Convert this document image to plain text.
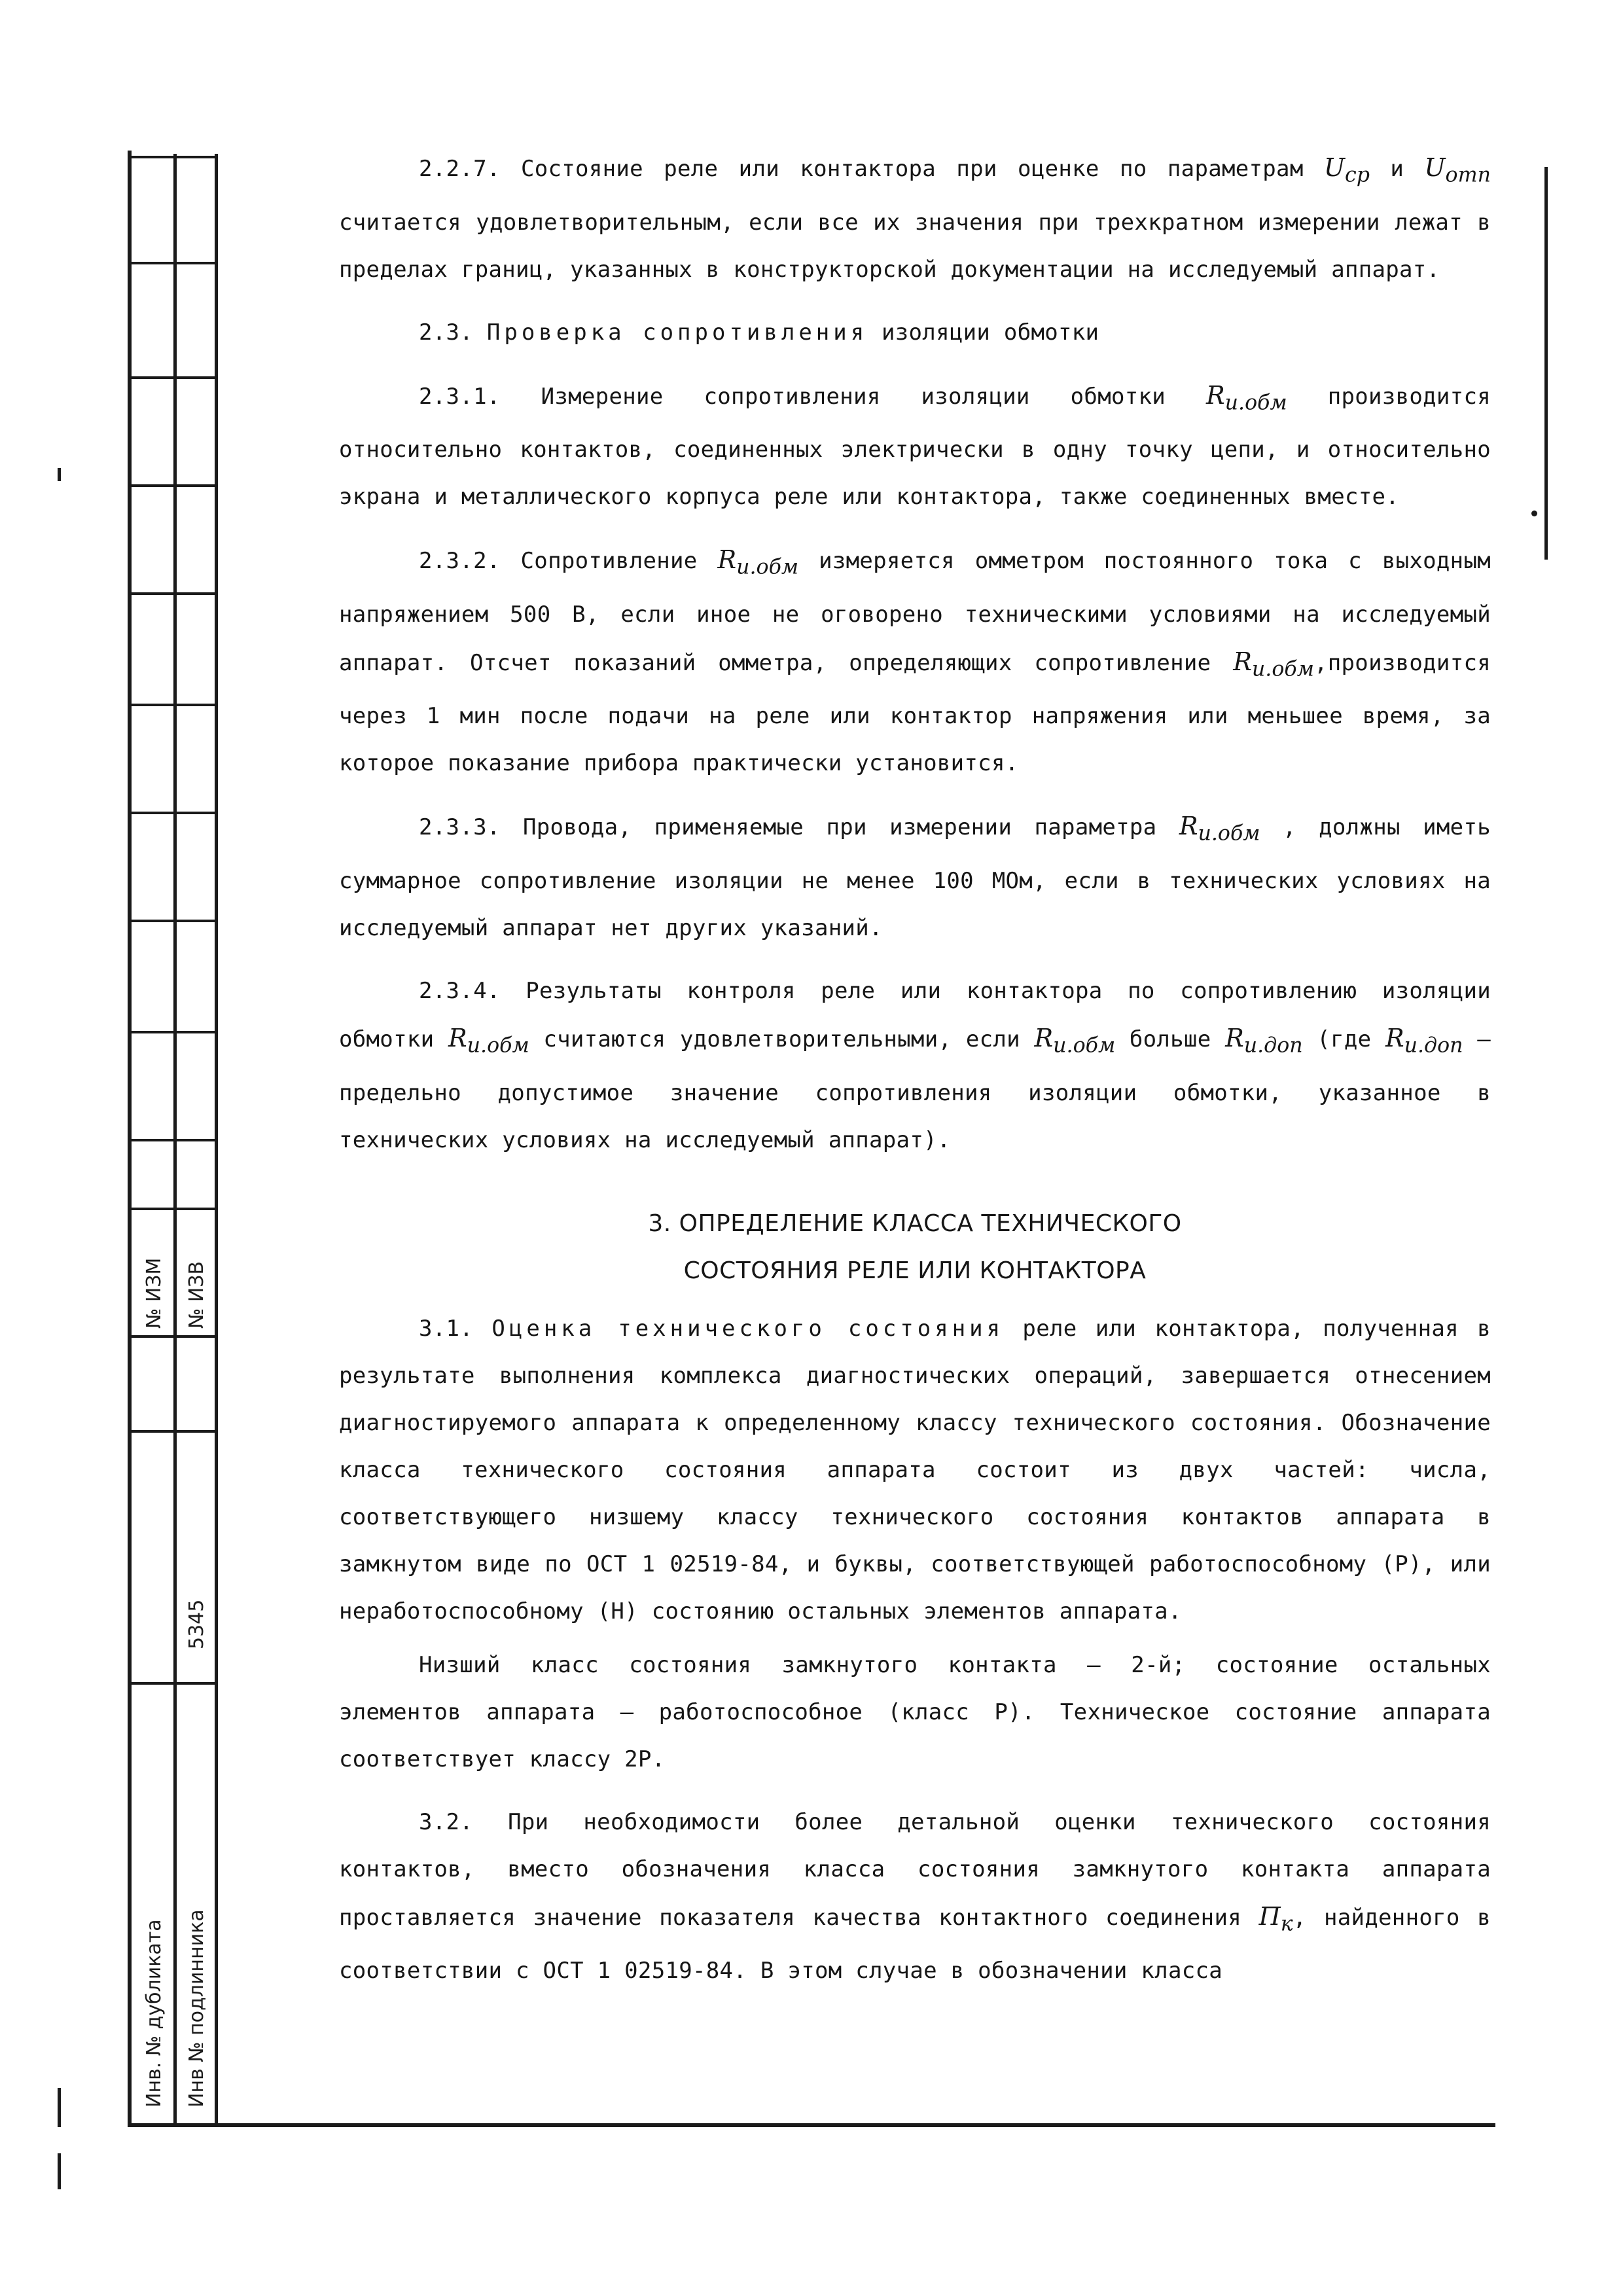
№ ИЗМ № ИЗВ
5345
Инв. № дубликата Инв № подлинника

2.2.7. Состояние реле или контактора при оценке по параметрам $U_{ср}$ и $U_{отп}$ считается удовлетворительным, если все их значения при трехкратном измерении лежат в пределах границ, указанных в конструкторской документации на исследуемый аппарат.

2.3. Проверка сопротивления изоляции обмотки

2.3.1. Измерение сопротивления изоляции обмотки $R_{и.обм}$ производится относительно контактов, соединенных электрически в одну точку цепи, и относительно экрана и металлического корпуса реле или контактора, также соединенных вместе.

2.3.2. Сопротивление $R_{и.обм}$ измеряется омметром постоянного тока с выходным напряжением 500 В, если иное не оговорено техническими условиями на исследуемый аппарат. Отсчет показаний омметра, определяющих сопротивление $R_{и.обм},производится$ через 1 мин после подачи на реле или контактор напряжения или меньшее время, за которое показание прибора практически установится.

2.3.3. Провода, применяемые при измерении параметра $R_{и.обм}$ , должны иметь суммарное сопротивление изоляции не менее 100 МОм, если в технических условиях на исследуемый аппарат нет других указаний.

2.3.4. Результаты контроля реле или контактора по сопротивлению изоляции обмотки $R_{и.обм}$ считаются удовлетворительными, если $R_{и.обм}$ больше $R_{и.доп}$ (где $R_{и.доп}$ – предельно допустимое значение сопротивления изоляции обмотки, указанное в технических условиях на исследуемый аппарат).

3. ОПРЕДЕЛЕНИЕ КЛАССА ТЕХНИЧЕСКОГО
СОСТОЯНИЯ РЕЛЕ ИЛИ КОНТАКТОРА

3.1. Оценка технического состояния реле или контактора, полученная в результате выполнения комплекса диагностических операций, завершается отнесением диагностируемого аппарата к определенному классу технического состояния. Обозначение класса технического состояния аппарата состоит из двух частей: числа, соответствующего низшему классу технического состояния контактов аппарата в замкнутом виде по ОСТ 1 02519-84, и буквы, соответствующей работоспособному (Р), или неработоспособному (Н) состоянию остальных элементов аппарата.

Низший класс состояния замкнутого контакта – 2-й; состояние остальных элементов аппарата – работоспособное (класс Р). Техническое состояние аппарата соответствует классу 2Р.

3.2. При необходимости более детальной оценки технического состояния контактов, вместо обозначения класса состояния замкнутого контакта аппарата проставляется значение показателя качества контактного соединения $П_к$, найденного в соответствии с ОСТ 1 02519-84. В этом случае в обозначении класса
